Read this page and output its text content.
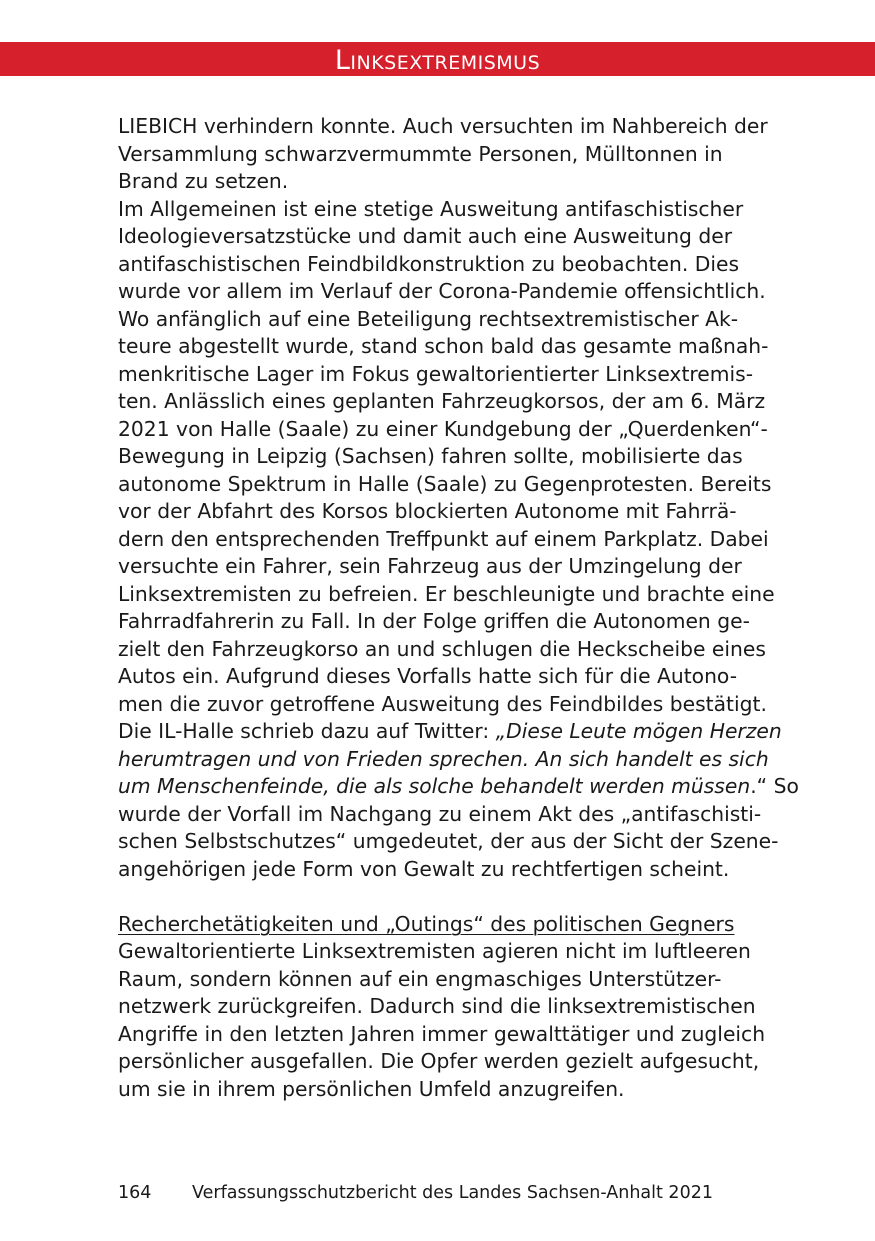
Linksextremismus
LIEBICH verhindern konnte. Auch versuchten im Nahbereich der
Versammlung schwarzvermummte Personen, Mülltonnen in
Brand zu setzen.
Im Allgemeinen ist eine stetige Ausweitung antifaschistischer
Ideologieversatzstücke und damit auch eine Ausweitung der
antifaschistischen Feindbildkonstruktion zu beobachten. Dies
wurde vor allem im Verlauf der Corona-Pandemie offensichtlich.
Wo anfänglich auf eine Beteiligung rechtsextremistischer Ak-
teure abgestellt wurde, stand schon bald das gesamte maßnah-
menkritische Lager im Fokus gewaltorientierter Linksextremis-
ten. Anlässlich eines geplanten Fahrzeugkorsos, der am 6. März
2021 von Halle (Saale) zu einer Kundgebung der „Querdenken“-
Bewegung in Leipzig (Sachsen) fahren sollte, mobilisierte das
autonome Spektrum in Halle (Saale) zu Gegenprotesten. Bereits
vor der Abfahrt des Korsos blockierten Autonome mit Fahrrä-
dern den entsprechenden Treffpunkt auf einem Parkplatz. Dabei
versuchte ein Fahrer, sein Fahrzeug aus der Umzingelung der
Linksextremisten zu befreien. Er beschleunigte und brachte eine
Fahrradfahrerin zu Fall. In der Folge griffen die Autonomen ge-
zielt den Fahrzeugkorso an und schlugen die Heckscheibe eines
Autos ein. Aufgrund dieses Vorfalls hatte sich für die Autono-
men die zuvor getroffene Ausweitung des Feindbildes bestätigt.
Die IL-Halle schrieb dazu auf Twitter: „Diese Leute mögen Herzen
herumtragen und von Frieden sprechen. An sich handelt es sich
um Menschenfeinde, die als solche behandelt werden müssen.“ So
wurde der Vorfall im Nachgang zu einem Akt des „antifaschisti-
schen Selbstschutzes“ umgedeutet, der aus der Sicht der Szene-
angehörigen jede Form von Gewalt zu rechtfertigen scheint.
Recherchetätigkeiten und „Outings“ des politischen Gegners
Gewaltorientierte Linksextremisten agieren nicht im luftleeren
Raum, sondern können auf ein engmaschiges Unterstützer-
netzwerk zurückgreifen. Dadurch sind die linksextremistischen
Angriffe in den letzten Jahren immer gewalttätiger und zugleich
persönlicher ausgefallen. Die Opfer werden gezielt aufgesucht,
um sie in ihrem persönlichen Umfeld anzugreifen.
164 Verfassungsschutzbericht des Landes Sachsen-Anhalt 2021
